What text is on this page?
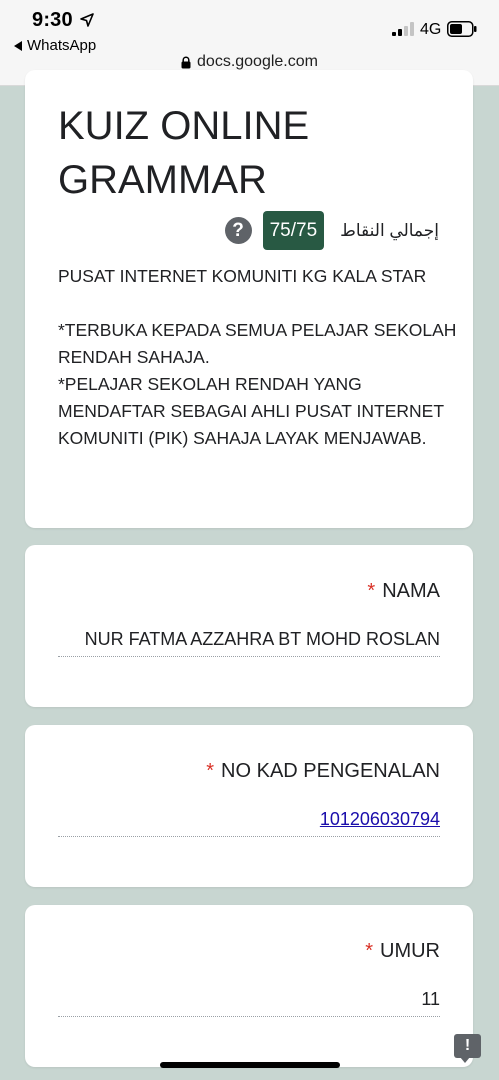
9:30
WhatsApp
4G
docs.google.com
KUIZ ONLINE GRAMMAR
?	75/75	إجمالي النقاط

PUSAT INTERNET KOMUNITI KG KALA STAR

*TERBUKA KEPADA SEMUA PELAJAR SEKOLAH RENDAH SAHAJA.

*PELAJAR SEKOLAH RENDAH YANG MENDAFTAR SEBAGAI AHLI PUSAT INTERNET KOMUNITI (PIK) SAHAJA LAYAK MENJAWAB.

* NAMA
NUR FATMA AZZAHRA BT MOHD ROSLAN
* NO KAD PENGENALAN
101206030794
* UMUR
11
!
